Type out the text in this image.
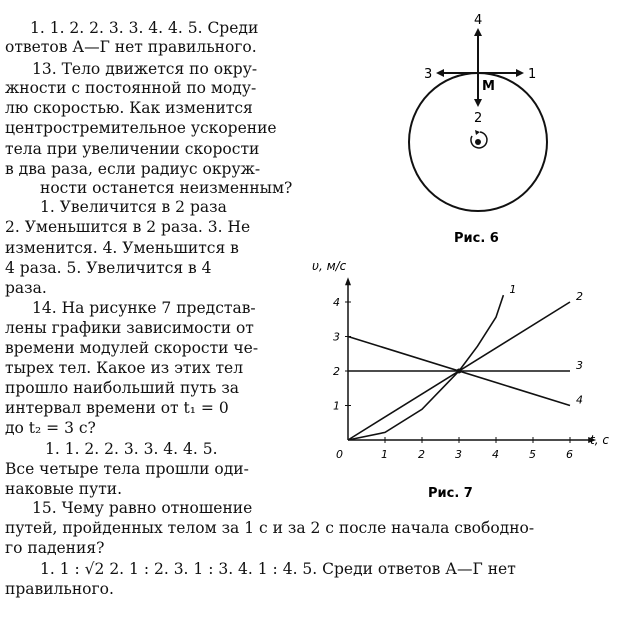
1. 1. 2. 2. 3. 3. 4. 4. 5. Среди
ответов А—Г нет правильного.
13. Тело движется по окру-
жности с постоянной по моду-
лю скоростью. Как изменится
центростремительное ускорение
тела при увеличении скорости
в два раза, если радиус окруж-
ности останется неизменным?
1. Увеличится в 2 раза
2. Уменьшится в 2 раза. 3. Не
изменится. 4. Уменьшится в
4 раза. 5. Увеличится в 4
раза.
14. На рисунке 7 представ-
лены графики зависимости от
времени модулей скорости че-
тырех тел. Какое из этих тел
прошло наибольший путь за
интервал времени от t₁ = 0
до t₂ = 3 с?
1. 1. 2. 2. 3. 3. 4. 4. 5.
Все четыре тела прошли оди-
наковые пути.
15. Чему равно отношение
путей, пройденных телом за 1 с и за 2 с после начала свободно-
го падения?
1. 1 : √2 2. 1 : 2. 3. 1 : 3. 4. 1 : 4. 5. Среди ответов А—Г нет
правильного.
4
3	1
2
M
Рис. 6
0	1	2	3	4	5	6
1
2
3
4
1
2
3
4
υ, м/с
t, с
Рис. 7
